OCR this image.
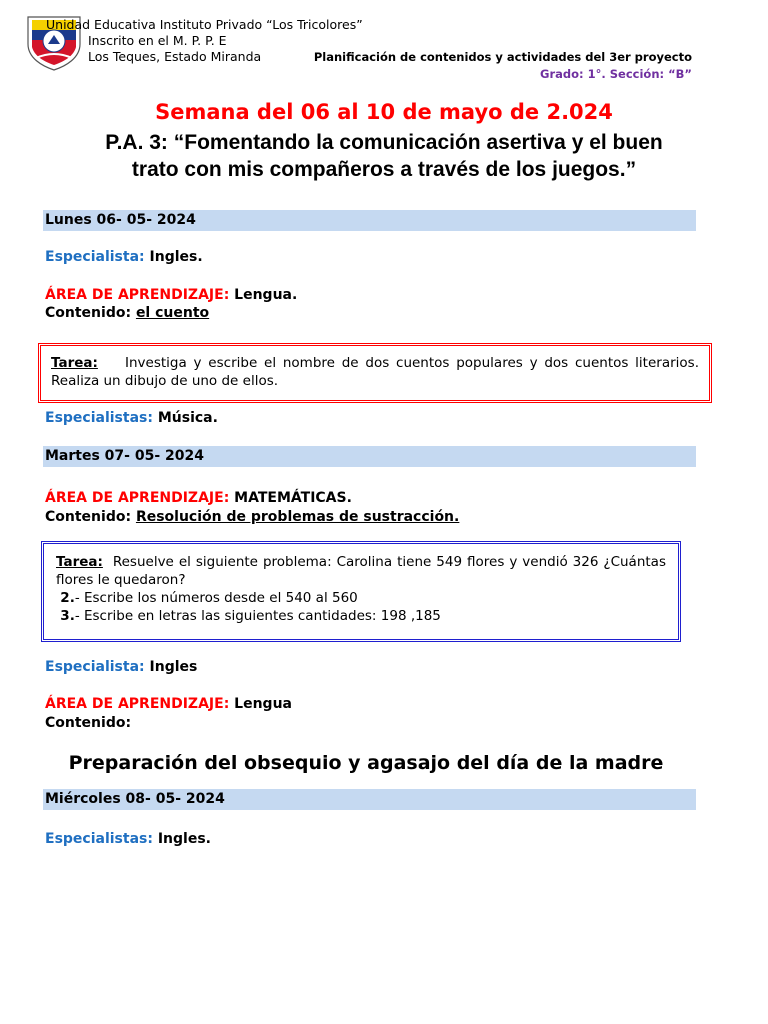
Unidad Educativa Instituto Privado “Los Tricolores”
Inscrito en el M. P. P. E
Los Teques, Estado Miranda	Planificación de contenidos y actividades del 3er proyecto
Grado: 1°. Sección: “B”
Semana del 06 al 10 de mayo de 2.024
P.A. 3: “Fomentando la comunicación asertiva y el buen
trato con mis compañeros a través de los juegos.”
Lunes 06- 05- 2024
Especialista: Ingles.
ÁREA DE APRENDIZAJE: Lengua.
Contenido: el cuento
Tarea: Investiga y escribe el nombre de dos cuentos populares y dos cuentos literarios. Realiza un dibujo de uno de ellos.
Especialistas: Música.
Martes 07- 05- 2024
ÁREA DE APRENDIZAJE: MATEMÁTICAS.
Contenido: Resolución de problemas de sustracción.
Tarea: Resuelve el siguiente problema: Carolina tiene 549 flores y vendió 326 ¿Cuántas flores le quedaron?
2.- Escribe los números desde el 540 al 560
3.- Escribe en letras las siguientes cantidades: 198 ,185
Especialista: Ingles
ÁREA DE APRENDIZAJE: Lengua
Contenido:
Preparación del obsequio y agasajo del día de la madre
Miércoles 08- 05- 2024
Especialistas: Ingles.
